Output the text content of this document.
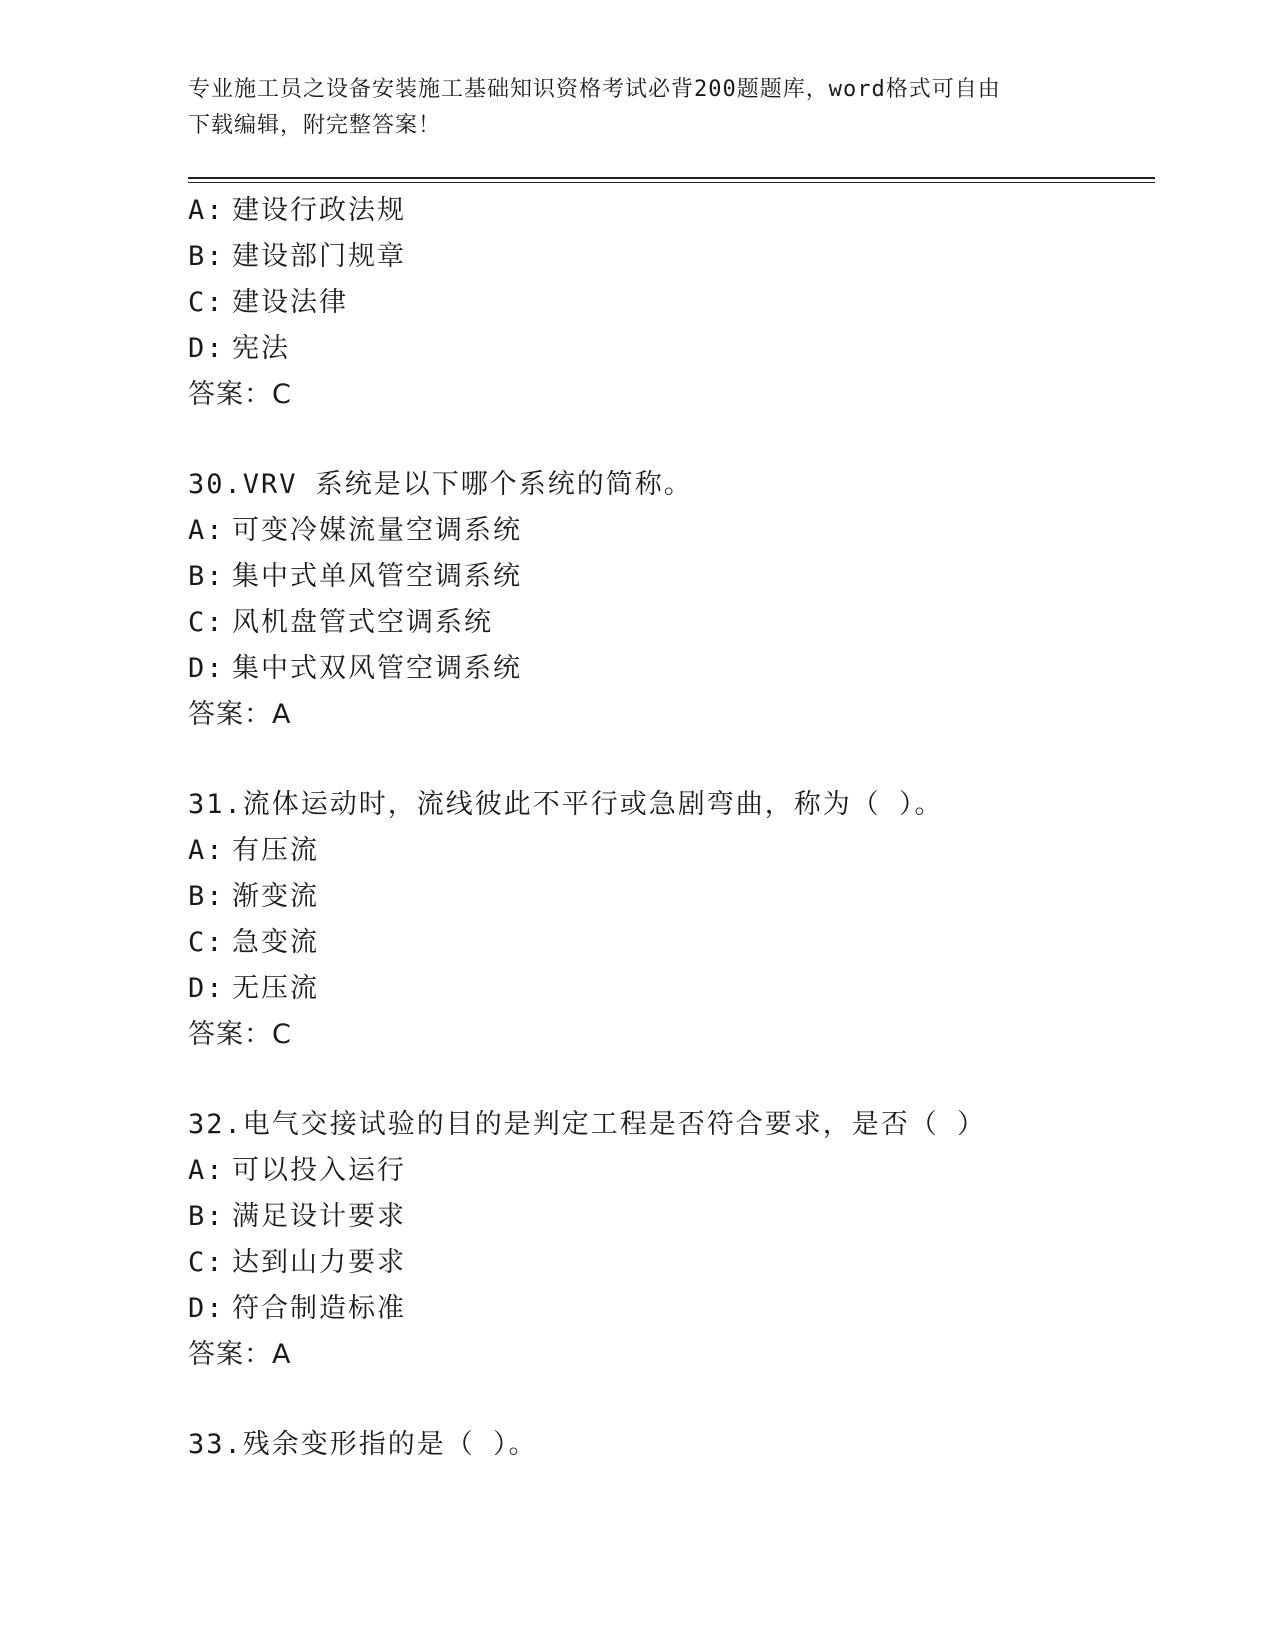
专业施工员之设备安装施工基础知识资格考试必背200题题库，word格式可自由
下载编辑，附完整答案！
A: 建设行政法规
B: 建设部门规章
C: 建设法律
D: 宪法
答案：C
30.VRV 系统是以下哪个系统的简称。
A: 可变冷媒流量空调系统
B: 集中式单风管空调系统
C: 风机盘管式空调系统
D: 集中式双风管空调系统
答案：A
31.流体运动时，流线彼此不平行或急剧弯曲，称为（ ）。
A: 有压流
B: 渐变流
C: 急变流
D: 无压流
答案：C
32.电气交接试验的目的是判定工程是否符合要求，是否（ ）
A: 可以投入运行
B: 满足设计要求
C: 达到山力要求
D: 符合制造标准
答案：A
33.残余变形指的是（ ）。
